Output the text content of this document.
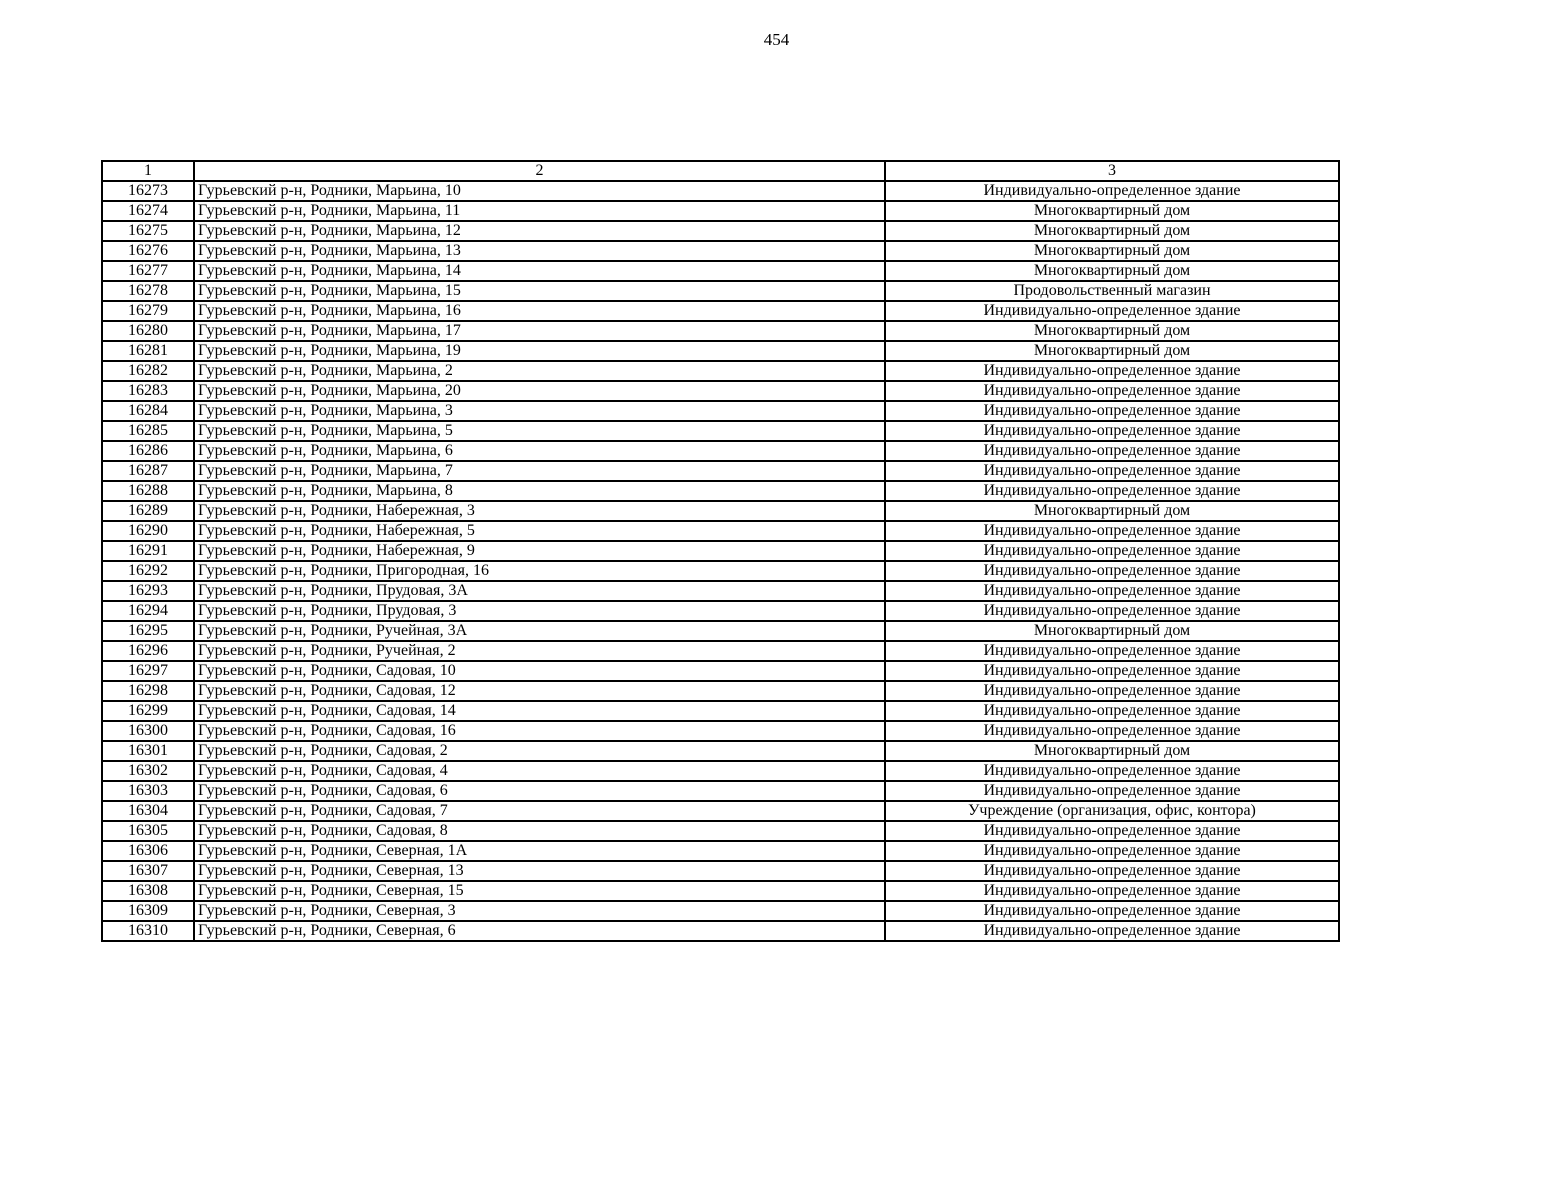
454
1	2	3
16273	Гурьевский р-н, Родники, Марьина, 10	Индивидуально-определенное здание
16274	Гурьевский р-н, Родники, Марьина, 11	Многоквартирный дом
16275	Гурьевский р-н, Родники, Марьина, 12	Многоквартирный дом
16276	Гурьевский р-н, Родники, Марьина, 13	Многоквартирный дом
16277	Гурьевский р-н, Родники, Марьина, 14	Многоквартирный дом
16278	Гурьевский р-н, Родники, Марьина, 15	Продовольственный магазин
16279	Гурьевский р-н, Родники, Марьина, 16	Индивидуально-определенное здание
16280	Гурьевский р-н, Родники, Марьина, 17	Многоквартирный дом
16281	Гурьевский р-н, Родники, Марьина, 19	Многоквартирный дом
16282	Гурьевский р-н, Родники, Марьина, 2	Индивидуально-определенное здание
16283	Гурьевский р-н, Родники, Марьина, 20	Индивидуально-определенное здание
16284	Гурьевский р-н, Родники, Марьина, 3	Индивидуально-определенное здание
16285	Гурьевский р-н, Родники, Марьина, 5	Индивидуально-определенное здание
16286	Гурьевский р-н, Родники, Марьина, 6	Индивидуально-определенное здание
16287	Гурьевский р-н, Родники, Марьина, 7	Индивидуально-определенное здание
16288	Гурьевский р-н, Родники, Марьина, 8	Индивидуально-определенное здание
16289	Гурьевский р-н, Родники, Набережная, 3	Многоквартирный дом
16290	Гурьевский р-н, Родники, Набережная, 5	Индивидуально-определенное здание
16291	Гурьевский р-н, Родники, Набережная, 9	Индивидуально-определенное здание
16292	Гурьевский р-н, Родники, Пригородная, 16	Индивидуально-определенное здание
16293	Гурьевский р-н, Родники, Прудовая, 3А	Индивидуально-определенное здание
16294	Гурьевский р-н, Родники, Прудовая, 3	Индивидуально-определенное здание
16295	Гурьевский р-н, Родники, Ручейная, 3А	Многоквартирный дом
16296	Гурьевский р-н, Родники, Ручейная, 2	Индивидуально-определенное здание
16297	Гурьевский р-н, Родники, Садовая, 10	Индивидуально-определенное здание
16298	Гурьевский р-н, Родники, Садовая, 12	Индивидуально-определенное здание
16299	Гурьевский р-н, Родники, Садовая, 14	Индивидуально-определенное здание
16300	Гурьевский р-н, Родники, Садовая, 16	Индивидуально-определенное здание
16301	Гурьевский р-н, Родники, Садовая, 2	Многоквартирный дом
16302	Гурьевский р-н, Родники, Садовая, 4	Индивидуально-определенное здание
16303	Гурьевский р-н, Родники, Садовая, 6	Индивидуально-определенное здание
16304	Гурьевский р-н, Родники, Садовая, 7	Учреждение (организация, офис, контора)
16305	Гурьевский р-н, Родники, Садовая, 8	Индивидуально-определенное здание
16306	Гурьевский р-н, Родники, Северная, 1А	Индивидуально-определенное здание
16307	Гурьевский р-н, Родники, Северная, 13	Индивидуально-определенное здание
16308	Гурьевский р-н, Родники, Северная, 15	Индивидуально-определенное здание
16309	Гурьевский р-н, Родники, Северная, 3	Индивидуально-определенное здание
16310	Гурьевский р-н, Родники, Северная, 6	Индивидуально-определенное здание
